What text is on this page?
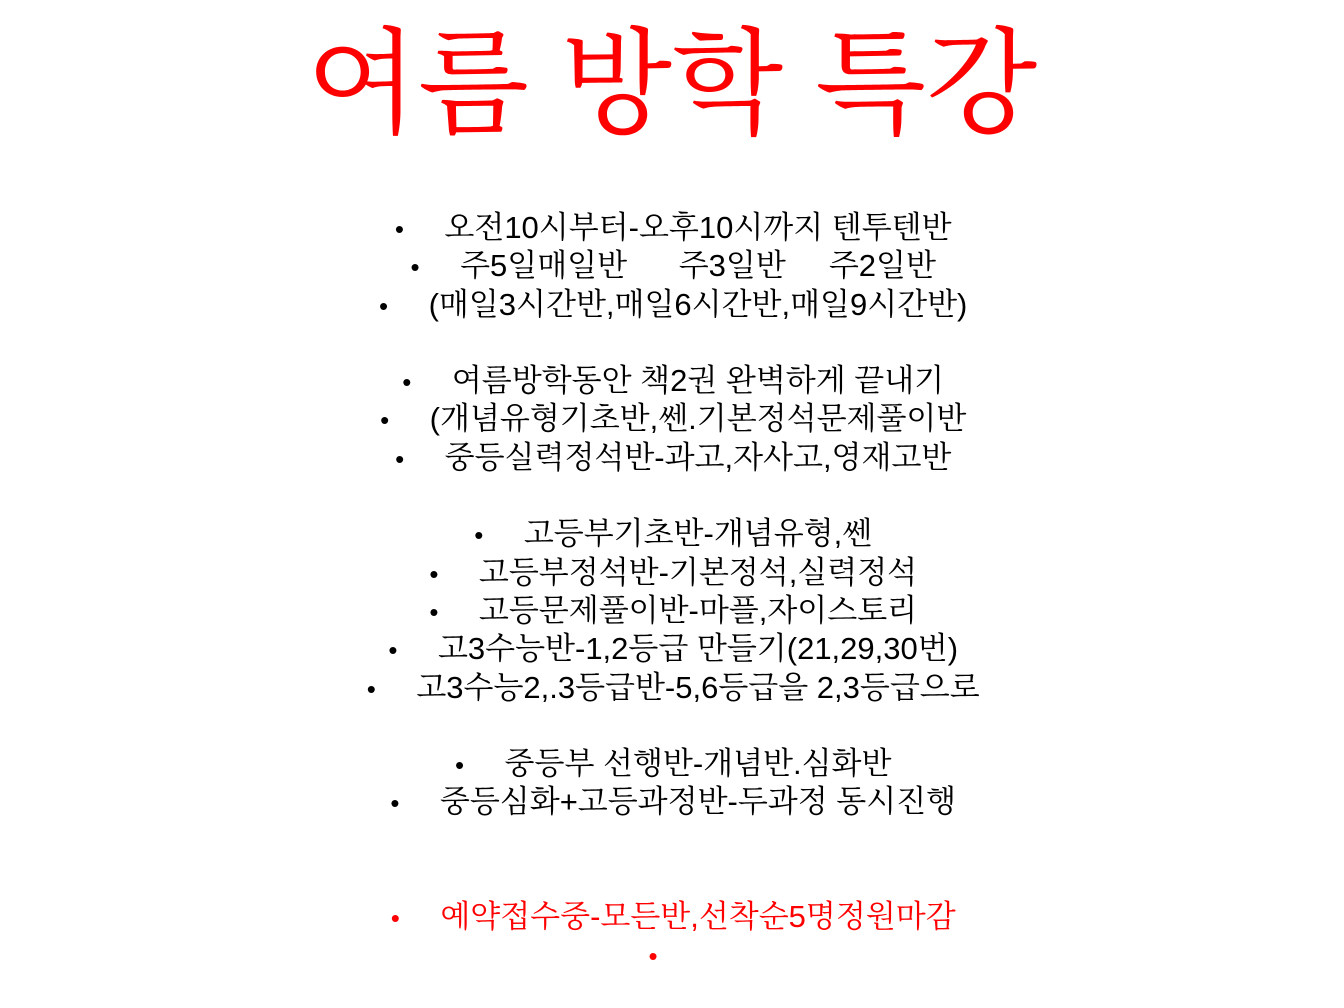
여름 방학 특강
• 오전10시부터-오후10시까지 텐투텐반
• 주5일매일반      주3일반     주2일반
• (매일3시간반,매일6시간반,매일9시간반)
• 여름방학동안 책2권 완벽하게 끝내기
• (개념유형기초반,쎈.기본정석문제풀이반
• 중등실력정석반-과고,자사고,영재고반
• 고등부기초반-개념유형,쎈
• 고등부정석반-기본정석,실력정석
• 고등문제풀이반-마플,자이스토리
• 고3수능반-1,2등급 만들기(21,29,30번)
• 고3수능2,.3등급반-5,6등급을 2,3등급으로
• 중등부 선행반-개념반.심화반
• 중등심화+고등과정반-두과정 동시진행
• 예약접수중-모든반,선착순5명정원마감
•
